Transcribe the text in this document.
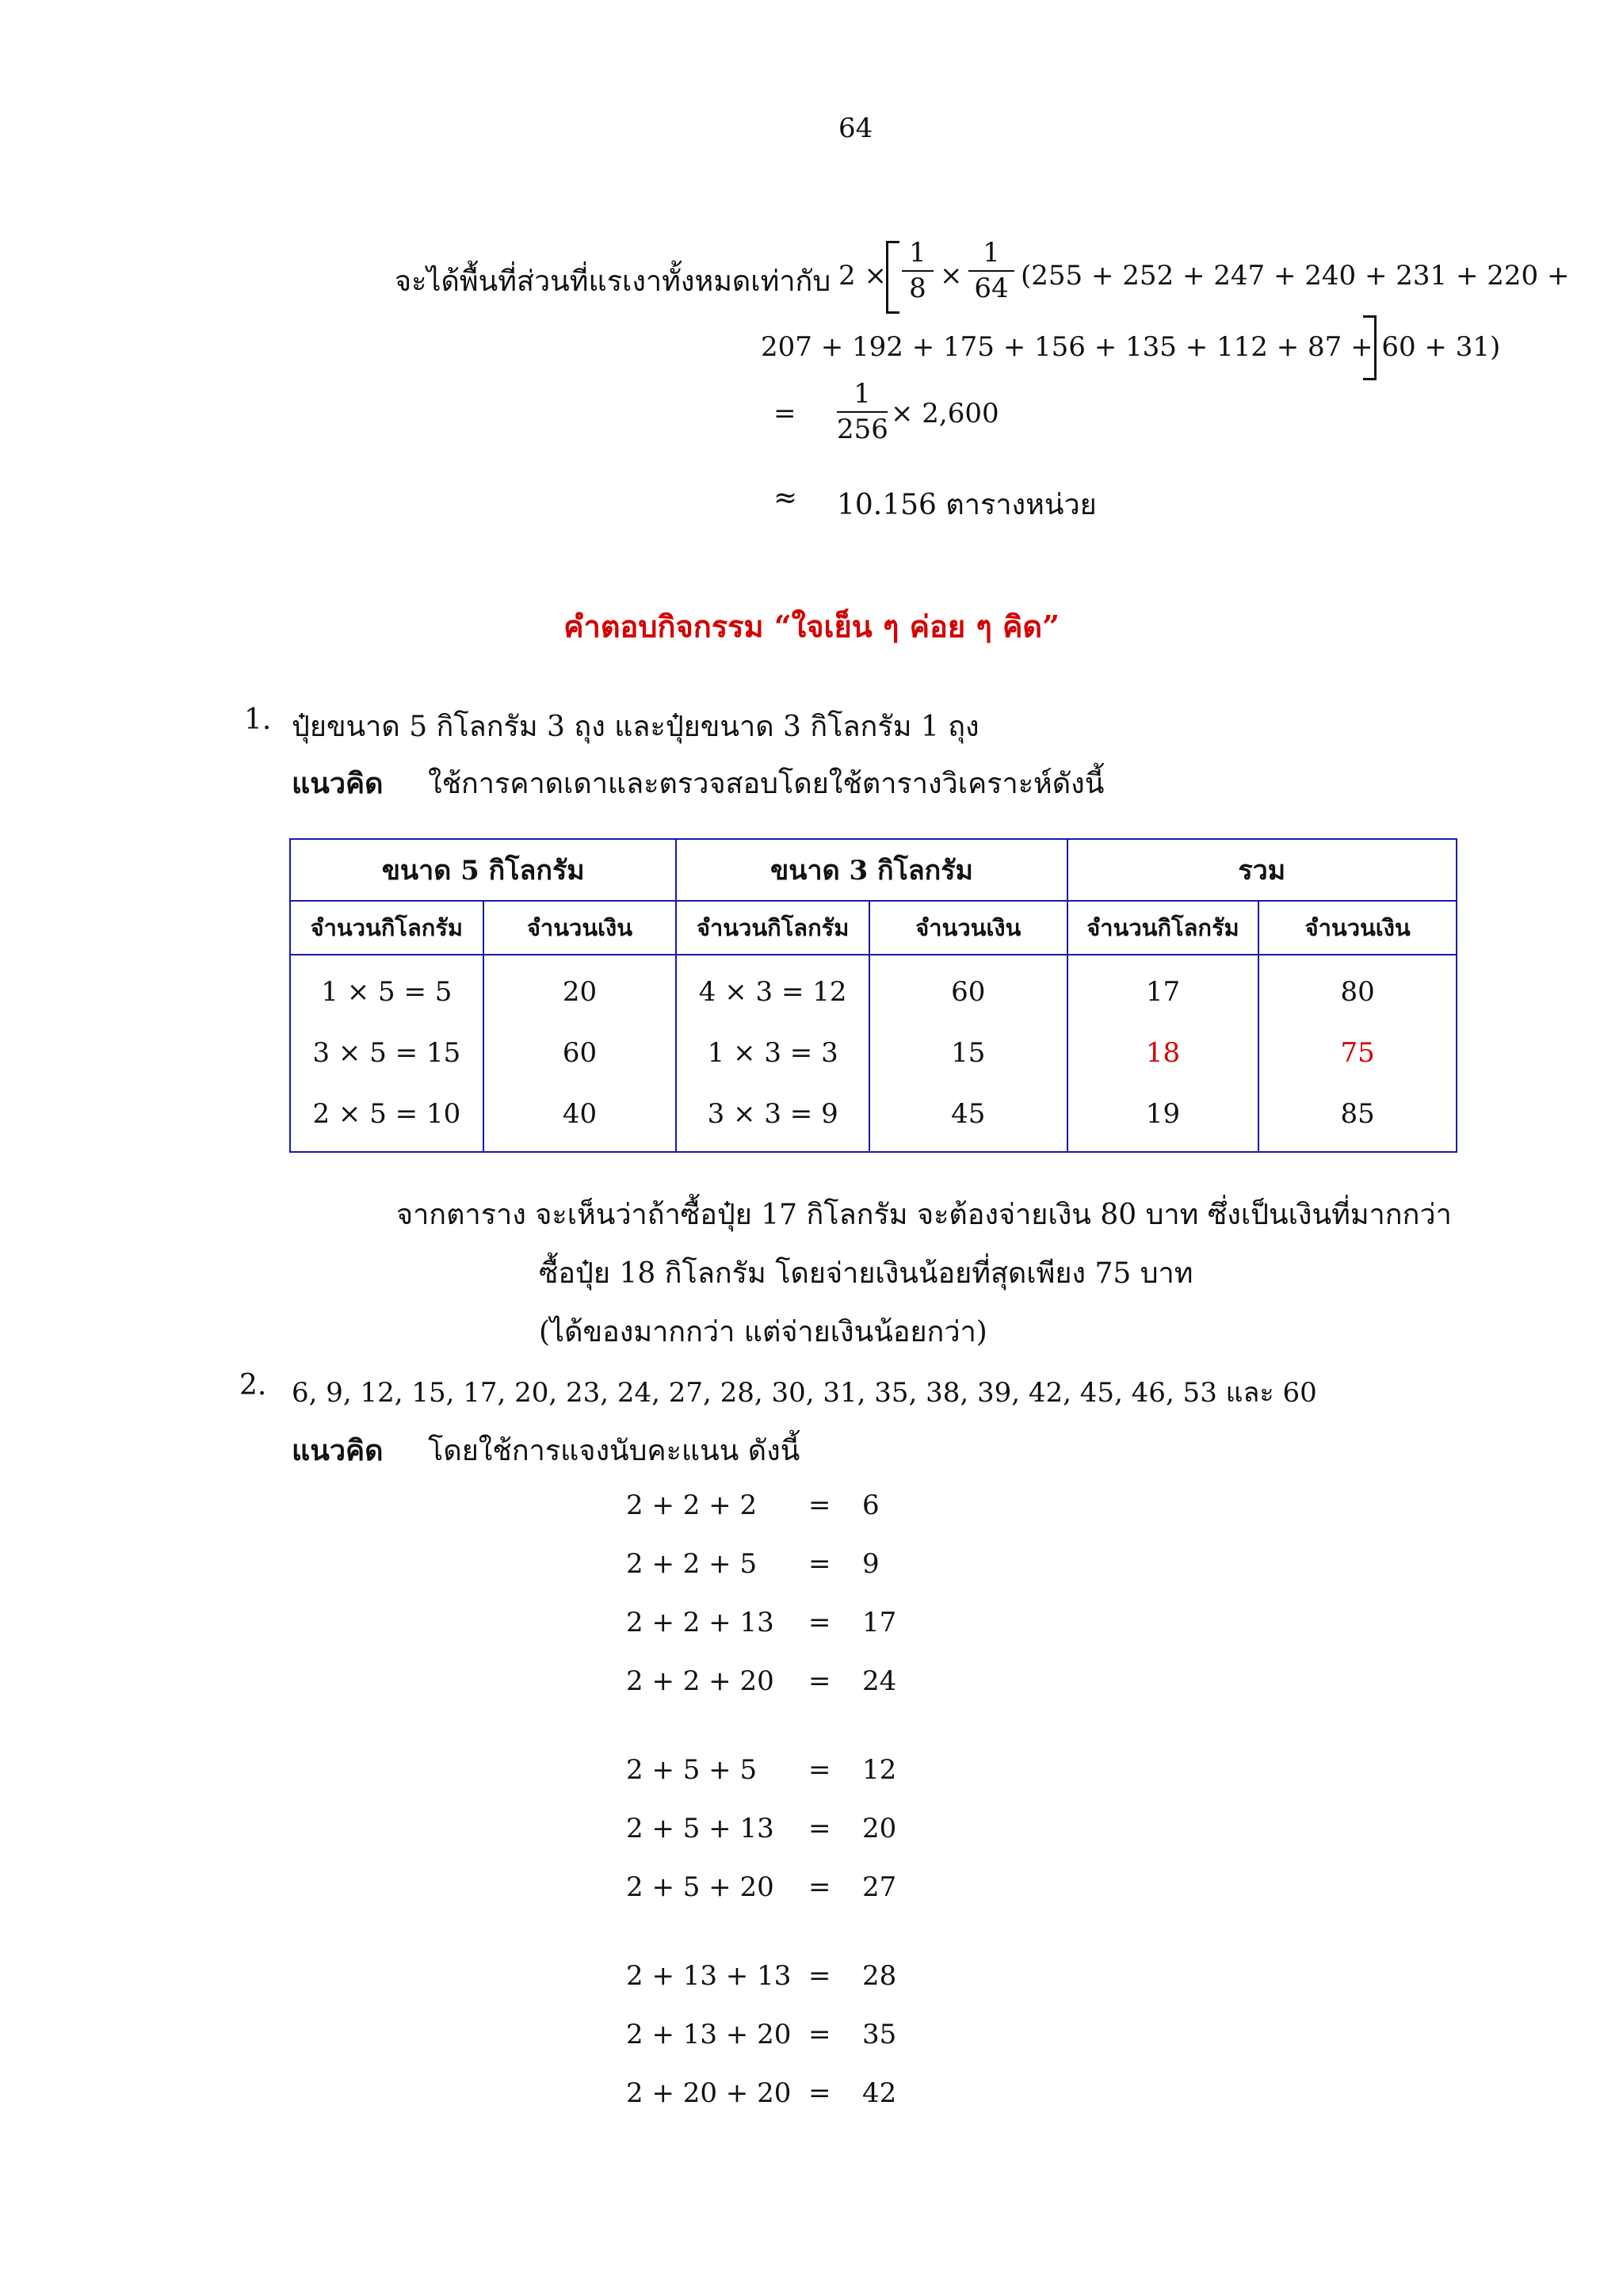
64
จะได้พื้นที่ส่วนที่แรเงาทั้งหมดเท่ากับ $2 \times \frac{1}{8} \times \frac{1}{64} (255 + 252 + 247 + 240 + 231 + 220$ +
207 + 192 + 175 + 156 + 135 + 112 + 87 + 60 + 31)
= $\frac{1}{256} \times 2,600$
≈ 10.156 ตารางหน่วย
คำตอบกิจกรรม “ใจเย็น ๆ ค่อย ๆ คิด”
1. ปุ๋ยขนาด 5 กิโลกรัม 3 ถุง และปุ๋ยขนาด 3 กิโลกรัม 1 ถุง
แนวคิด ใช้การคาดเดาและตรวจสอบโดยใช้ตารางวิเคราะห์ดังนี้
ขนาด 5 กิโลกรัม		ขนาด 3 กิโลกรัม		รวม	
จำนวนกิโลกรัม	จำนวนเงิน	จำนวนกิโลกรัม	จำนวนเงิน	จำนวนกิโลกรัม	จำนวนเงิน
1 × 5 = 5	20	4 × 3 = 12	60	17	80
3 × 5 = 15	60	1 × 3 = 3	15	18	75
2 × 5 = 10	40	3 × 3 = 9	45	19	85
จากตาราง จะเห็นว่าถ้าซื้อปุ๋ย 17 กิโลกรัม จะต้องจ่ายเงิน 80 บาท ซึ่งเป็นเงินที่มากกว่า
ซื้อปุ๋ย 18 กิโลกรัม โดยจ่ายเงินน้อยที่สุดเพียง 75 บาท
(ได้ของมากกว่า แต่จ่ายเงินน้อยกว่า)
2. 6, 9, 12, 15, 17, 20, 23, 24, 27, 28, 30, 31, 35, 38, 39, 42, 45, 46, 53 และ 60
แนวคิด โดยใช้การแจงนับคะแนน ดังนี้
2 + 2 + 2 = 6
2 + 2 + 5 = 9
2 + 2 + 13 = 17
2 + 2 + 20 = 24
2 + 5 + 5 = 12
2 + 5 + 13 = 20
2 + 5 + 20 = 27
2 + 13 + 13 = 28
2 + 13 + 20 = 35
2 + 20 + 20 = 42
